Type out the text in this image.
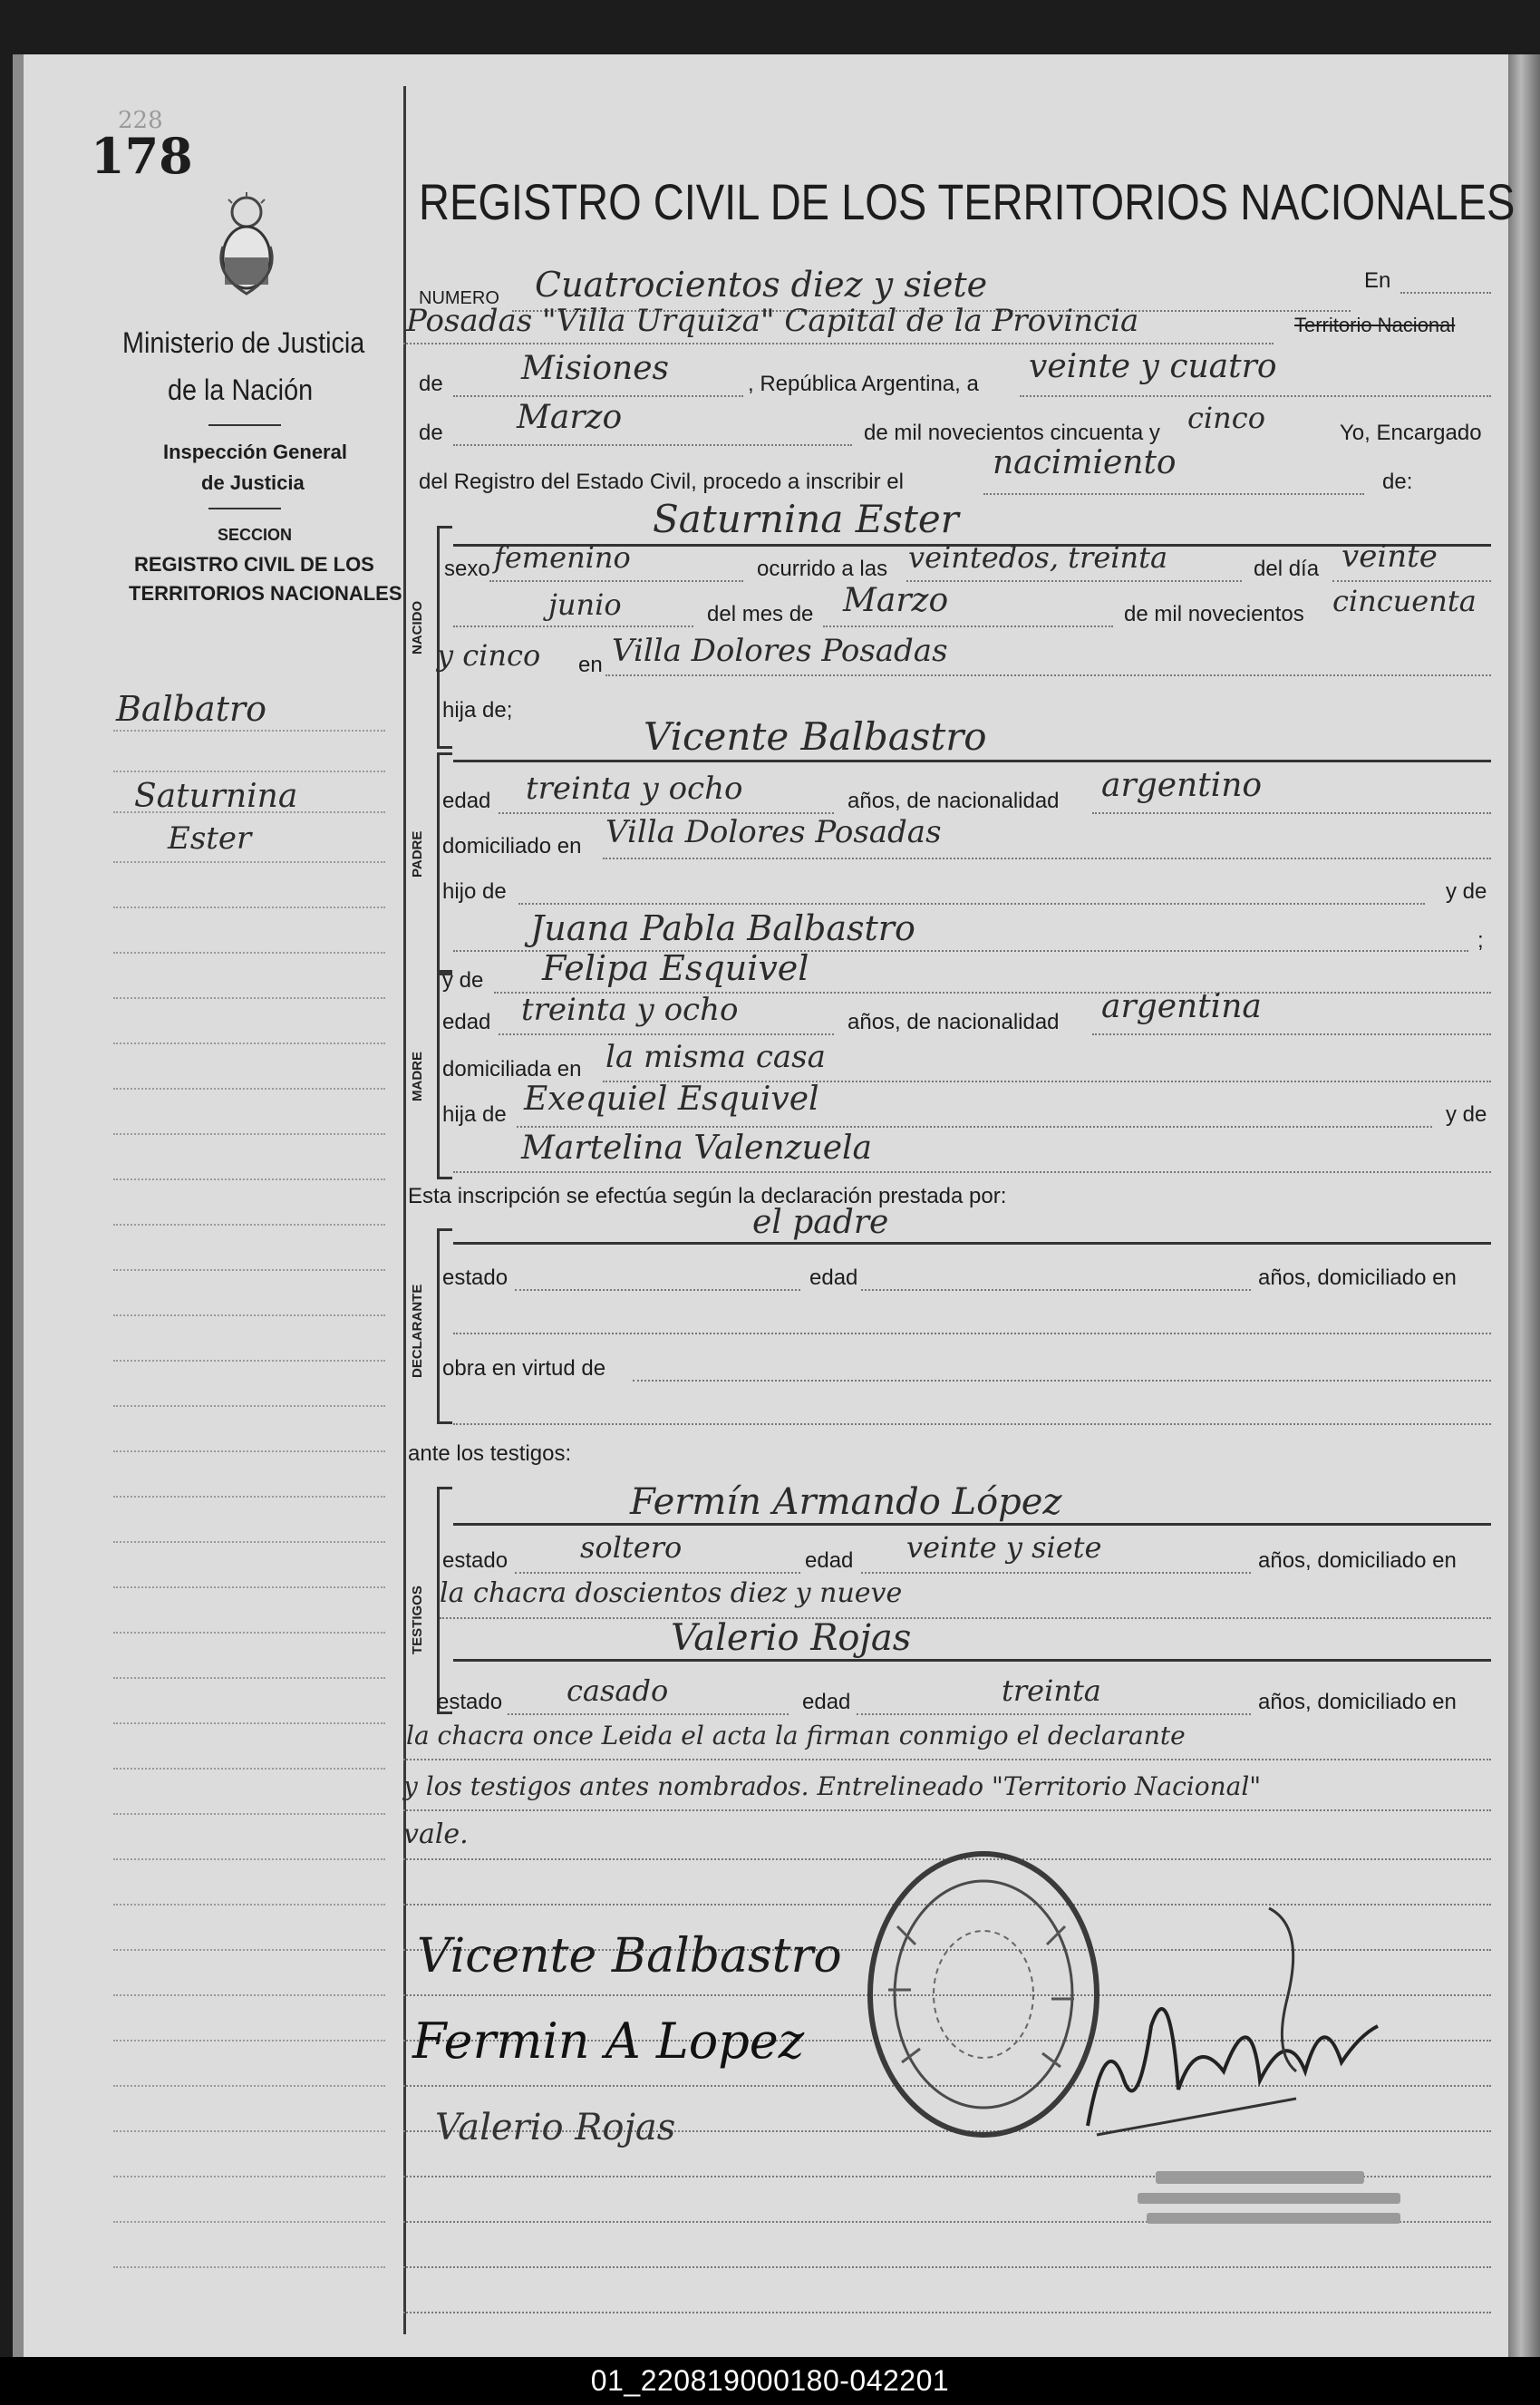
178
228
Ministerio de Justicia
de la Nación
Inspección General
de Justicia
SECCION
REGISTRO CIVIL DE LOS
TERRITORIOS NACIONALES
Balbatro
Saturnina
Ester
REGISTRO CIVIL DE LOS TERRITORIOS NACIONALES
NUMERO Cuatrocientos diez y siete	En
Posadas "Villa Urquiza" Capital de la Provincia	Territorio Nacional
de Misiones	, República Argentina, a veinte y cuatro
de Marzo	de mil novecientos cincuenta y cinco	Yo, Encargado
del Registro del Estado Civil, procedo a inscribir el
nacimiento
de:
NACIDO
Saturnina Ester
sexo femenino	ocurrido a las veintedos, treinta	del día veinte
junio	del mes de Marzo	de mil novecientos cincuenta
y cinco en Villa Dolores Posadas
hija de;
PADRE
Vicente Balbastro
edad treinta y ocho	años, de nacionalidad argentino
domiciliado en Villa Dolores Posadas
hijo de	y de
Juana Pabla Balbastro	;
MADRE
y de Felipa Esquivel
edad treinta y ocho	años, de nacionalidad argentina
domiciliada en la misma casa
hija de Exequiel Esquivel	y de
Martelina Valenzuela
Esta inscripción se efectúa según la declaración prestada por:
DECLARANTE
el padre
estado	edad	años, domiciliado en
obra en virtud de
ante los testigos:
TESTIGOS
Fermín Armando López
estado soltero	edad veinte y siete	años, domiciliado en
la chacra doscientos diez y nueve
Valerio Rojas
estado casado	edad	treinta	años, domiciliado en
la chacra once Leida el acta la firman conmigo el declarante
y los testigos antes nombrados. Entrelineado "Territorio Nacional"
vale.
Vicente Balbastro
Fermin A Lopez
Valerio Rojas
01_220819000180-042201
